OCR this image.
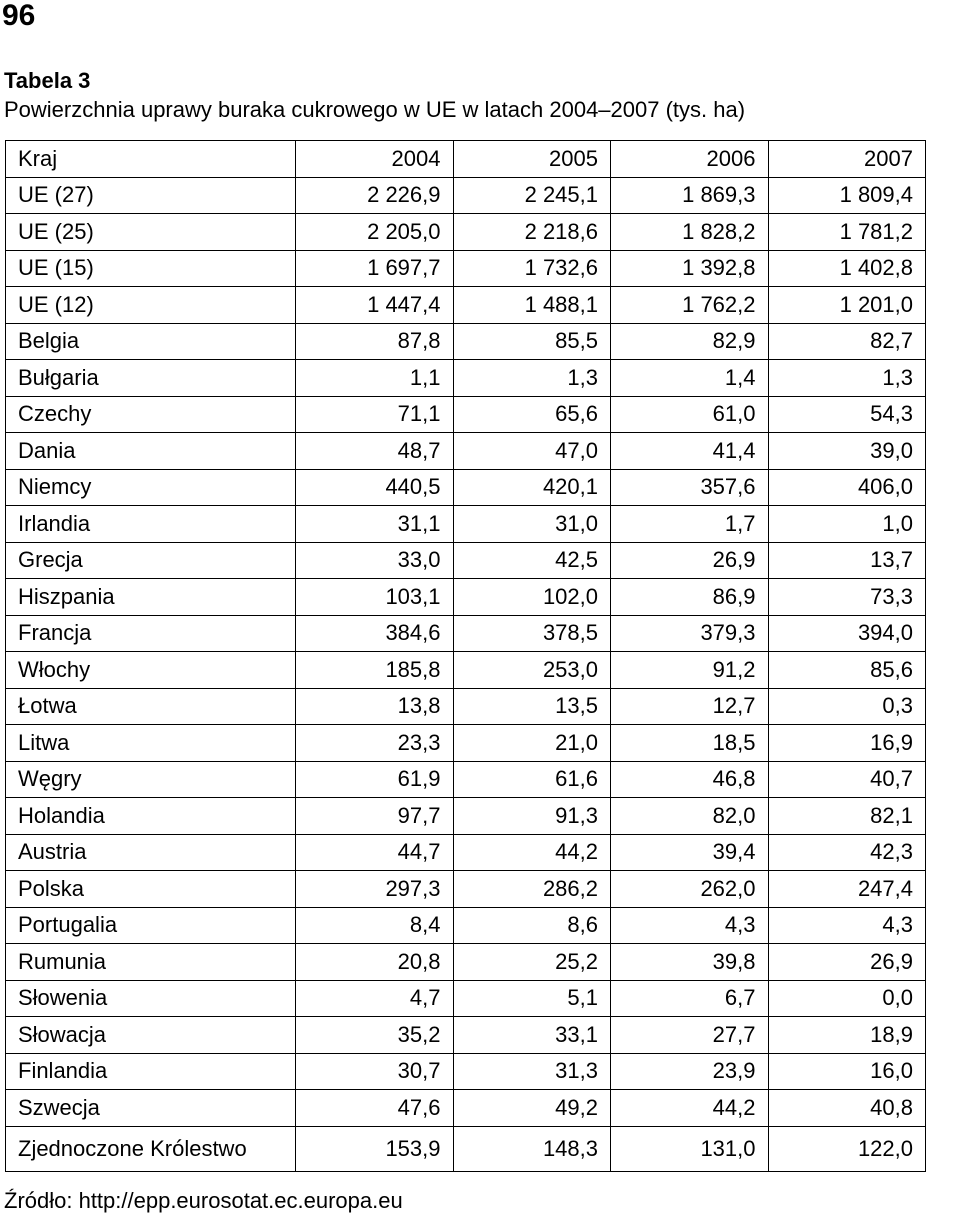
96
Tabela 3
Powierzchnia uprawy buraka cukrowego w UE w latach 2004–2007 (tys. ha)
Kraj	2004	2005	2006	2007
UE (27)	2 226,9	2 245,1	1 869,3	1 809,4
UE (25)	2 205,0	2 218,6	1 828,2	1 781,2
UE (15)	1 697,7	1 732,6	1 392,8	1 402,8
UE (12)	1 447,4	1 488,1	1 762,2	1 201,0
Belgia	87,8	85,5	82,9	82,7
Bułgaria	1,1	1,3	1,4	1,3
Czechy	71,1	65,6	61,0	54,3
Dania	48,7	47,0	41,4	39,0
Niemcy	440,5	420,1	357,6	406,0
Irlandia	31,1	31,0	1,7	1,0
Grecja	33,0	42,5	26,9	13,7
Hiszpania	103,1	102,0	86,9	73,3
Francja	384,6	378,5	379,3	394,0
Włochy	185,8	253,0	91,2	85,6
Łotwa	13,8	13,5	12,7	0,3
Litwa	23,3	21,0	18,5	16,9
Węgry	61,9	61,6	46,8	40,7
Holandia	97,7	91,3	82,0	82,1
Austria	44,7	44,2	39,4	42,3
Polska	297,3	286,2	262,0	247,4
Portugalia	8,4	8,6	4,3	4,3
Rumunia	20,8	25,2	39,8	26,9
Słowenia	4,7	5,1	6,7	0,0
Słowacja	35,2	33,1	27,7	18,9
Finlandia	30,7	31,3	23,9	16,0
Szwecja	47,6	49,2	44,2	40,8
Zjednoczone Królestwo	153,9	148,3	131,0	122,0
Źródło: http://epp.eurosotat.ec.europa.eu
